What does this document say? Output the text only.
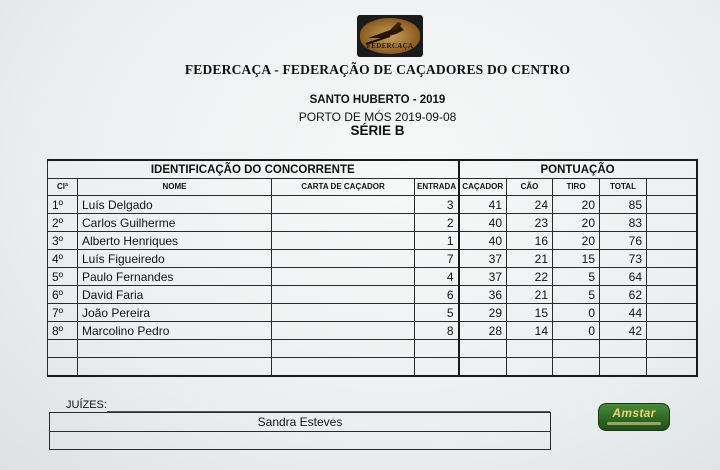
FEDERCAÇA
FEDERCAÇA - FEDERAÇÃO DE CAÇADORES DO CENTRO
SANTO HUBERTO - 2019
PORTO DE MÓS 2019-09-08
SÉRIE B
IDENTIFICAÇÃO DO CONCORRENTE				PONTUAÇÃO				
Clª	NOME	CARTA DE CAÇADOR	ENTRADA	CAÇADOR	CÃO	TIRO	TOTAL	
1º	Luís Delgado		3	41	24	20	85	
2º	Carlos Guilherme		2	40	23	20	83	
3º	Alberto Henriques		1	40	16	20	76	
4º	Luís Figueiredo		7	37	21	15	73	
5º	Paulo Fernandes		4	37	22	5	64	
6º	David Faria		6	36	21	5	62	
7º	João Pereira		5	29	15	0	44	
8º	Marcolino Pedro		8	28	14	0	42	

JUÍZES:
Sandra Esteves
Amstar
